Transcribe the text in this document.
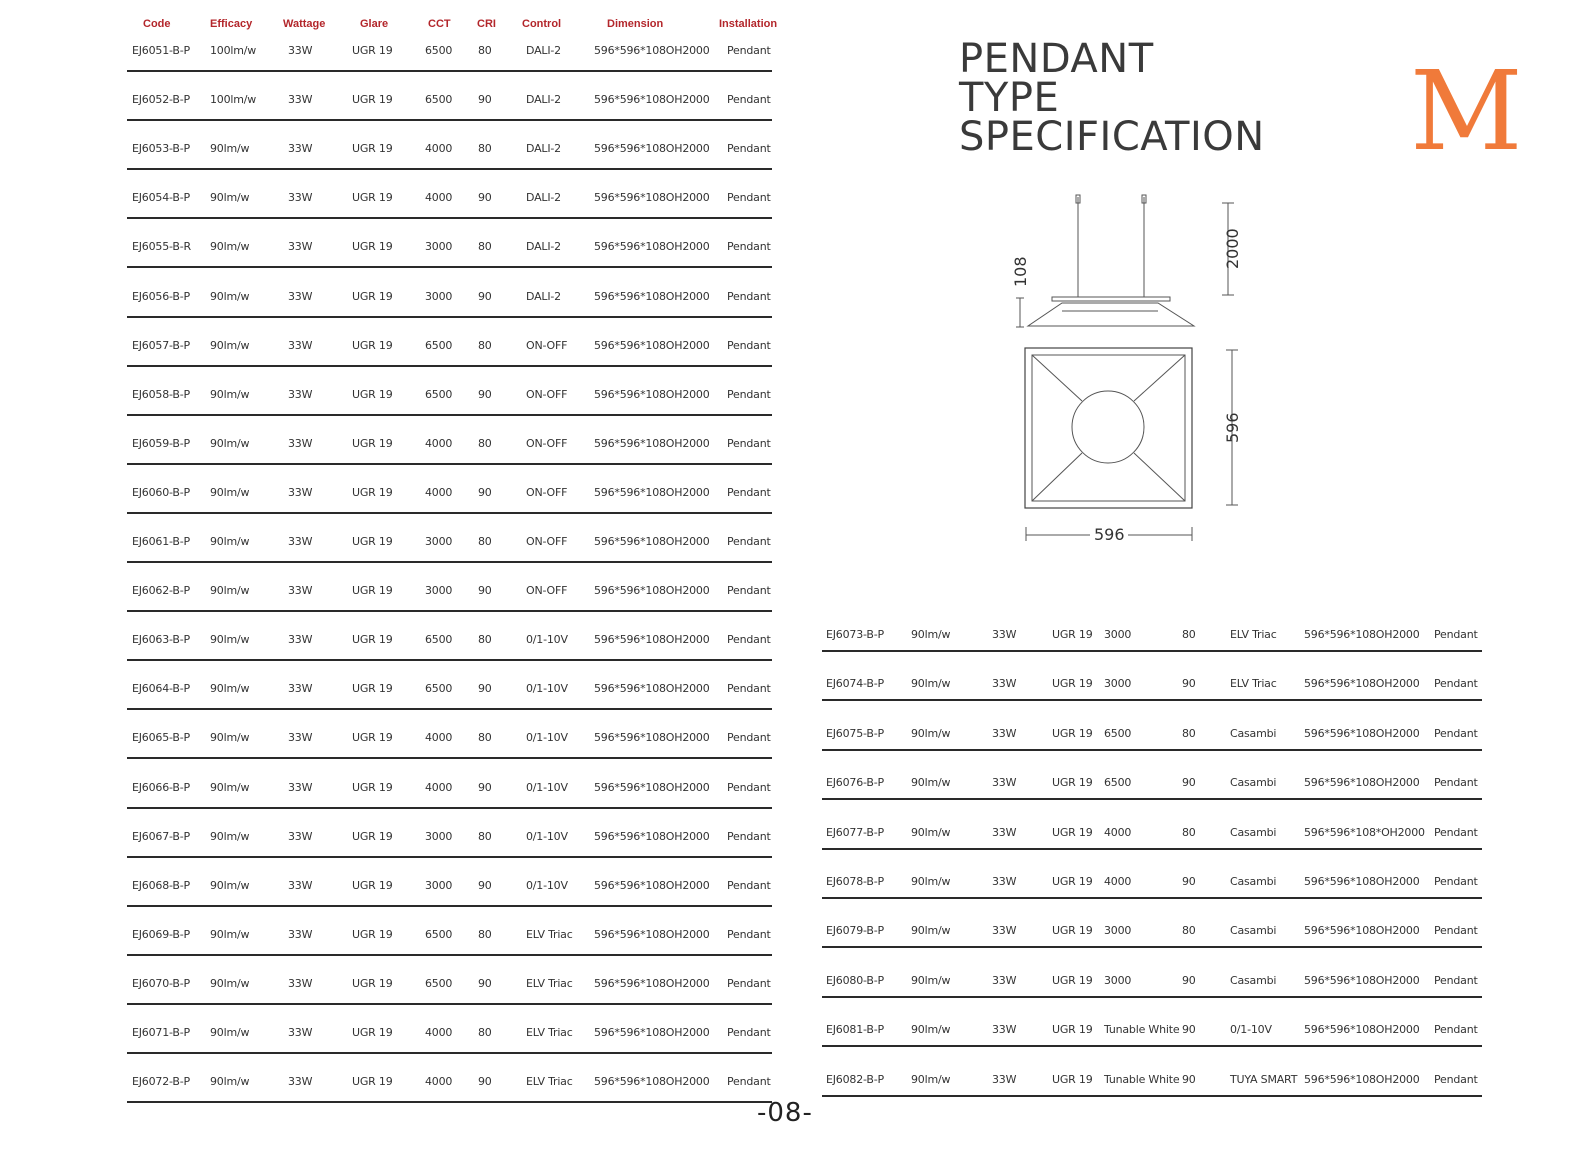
Code	Efficacy	Wattage	Glare	CCT CRI Control	Dimension	Installation
EJ6051-B-P 100lm/w	33W	UGR 19	6500 80	DALI-2	596*596*108OH2000 Pendant
EJ6052-B-P 100lm/w	33W	UGR 19	6500 90	DALI-2	596*596*108OH2000 Pendant
EJ6053-B-P 90lm/w	33W	UGR 19	4000 80	DALI-2	596*596*108OH2000 Pendant
EJ6054-B-P 90lm/w	33W	UGR 19	4000 90	DALI-2	596*596*108OH2000 Pendant
EJ6055-B-R 90lm/w	33W	UGR 19	3000 80	DALI-2	596*596*108OH2000 Pendant
EJ6056-B-P 90lm/w	33W	UGR 19	3000 90	DALI-2	596*596*108OH2000 Pendant
EJ6057-B-P 90lm/w	33W	UGR 19	6500 80	ON-OFF 596*596*108OH2000 Pendant
EJ6058-B-P 90lm/w	33W	UGR 19	6500 90	ON-OFF 596*596*108OH2000 Pendant
EJ6059-B-P 90lm/w	33W	UGR 19	4000 80	ON-OFF 596*596*108OH2000 Pendant
EJ6060-B-P 90lm/w	33W	UGR 19	4000 90	ON-OFF 596*596*108OH2000 Pendant
EJ6061-B-P 90lm/w	33W	UGR 19	3000 80	ON-OFF 596*596*108OH2000 Pendant
EJ6062-B-P 90lm/w	33W	UGR 19	3000 90	ON-OFF 596*596*108OH2000 Pendant
EJ6063-B-P 90lm/w	33W	UGR 19	6500 80	0/1-10V 596*596*108OH2000 Pendant
EJ6064-B-P 90lm/w	33W	UGR 19	6500 90	0/1-10V 596*596*108OH2000 Pendant
EJ6065-B-P 90lm/w	33W	UGR 19	4000 80	0/1-10V 596*596*108OH2000 Pendant
EJ6066-B-P 90lm/w	33W	UGR 19	4000 90	0/1-10V 596*596*108OH2000 Pendant
EJ6067-B-P 90lm/w	33W	UGR 19	3000 80	0/1-10V 596*596*108OH2000 Pendant
EJ6068-B-P 90lm/w	33W	UGR 19	3000 90	0/1-10V 596*596*108OH2000 Pendant
EJ6069-B-P 90lm/w	33W	UGR 19	6500 80	ELV Triac 596*596*108OH2000 Pendant
EJ6070-B-P 90lm/w	33W	UGR 19	6500 90	ELV Triac 596*596*108OH2000 Pendant
EJ6071-B-P 90lm/w	33W	UGR 19	4000 80	ELV Triac 596*596*108OH2000 Pendant
EJ6072-B-P 90lm/w	33W	UGR 19	4000 90	ELV Triac 596*596*108OH2000 Pendant
EJ6073-B-P 90lm/w	33W	UGR 19 3000	80	ELV Triac 596*596*108OH2000 Pendant
EJ6074-B-P 90lm/w	33W	UGR 19 3000	90	ELV Triac 596*596*108OH2000 Pendant
EJ6075-B-P 90lm/w	33W	UGR 19 6500	80	Casambi	596*596*108OH2000 Pendant
EJ6076-B-P 90lm/w	33W	UGR 19 6500	90	Casambi	596*596*108OH2000 Pendant
EJ6077-B-P 90lm/w	33W	UGR 19 4000	80	Casambi	596*596*108*OH2000 Pendant
EJ6078-B-P 90lm/w	33W	UGR 19 4000	90	Casambi	596*596*108OH2000 Pendant
EJ6079-B-P 90lm/w	33W	UGR 19 3000	80	Casambi	596*596*108OH2000 Pendant
EJ6080-B-P 90lm/w	33W	UGR 19 3000	90	Casambi	596*596*108OH2000 Pendant
EJ6081-B-P 90lm/w	33W	UGR 19 Tunable White 90	0/1-10V	596*596*108OH2000 Pendant
EJ6082-B-P 90lm/w	33W	UGR 19 Tunable White 90	TUYA SMART 596*596*108OH2000 Pendant
PENDANT
TYPE
SPECIFICATION M
108
2000
596
596
-08-
